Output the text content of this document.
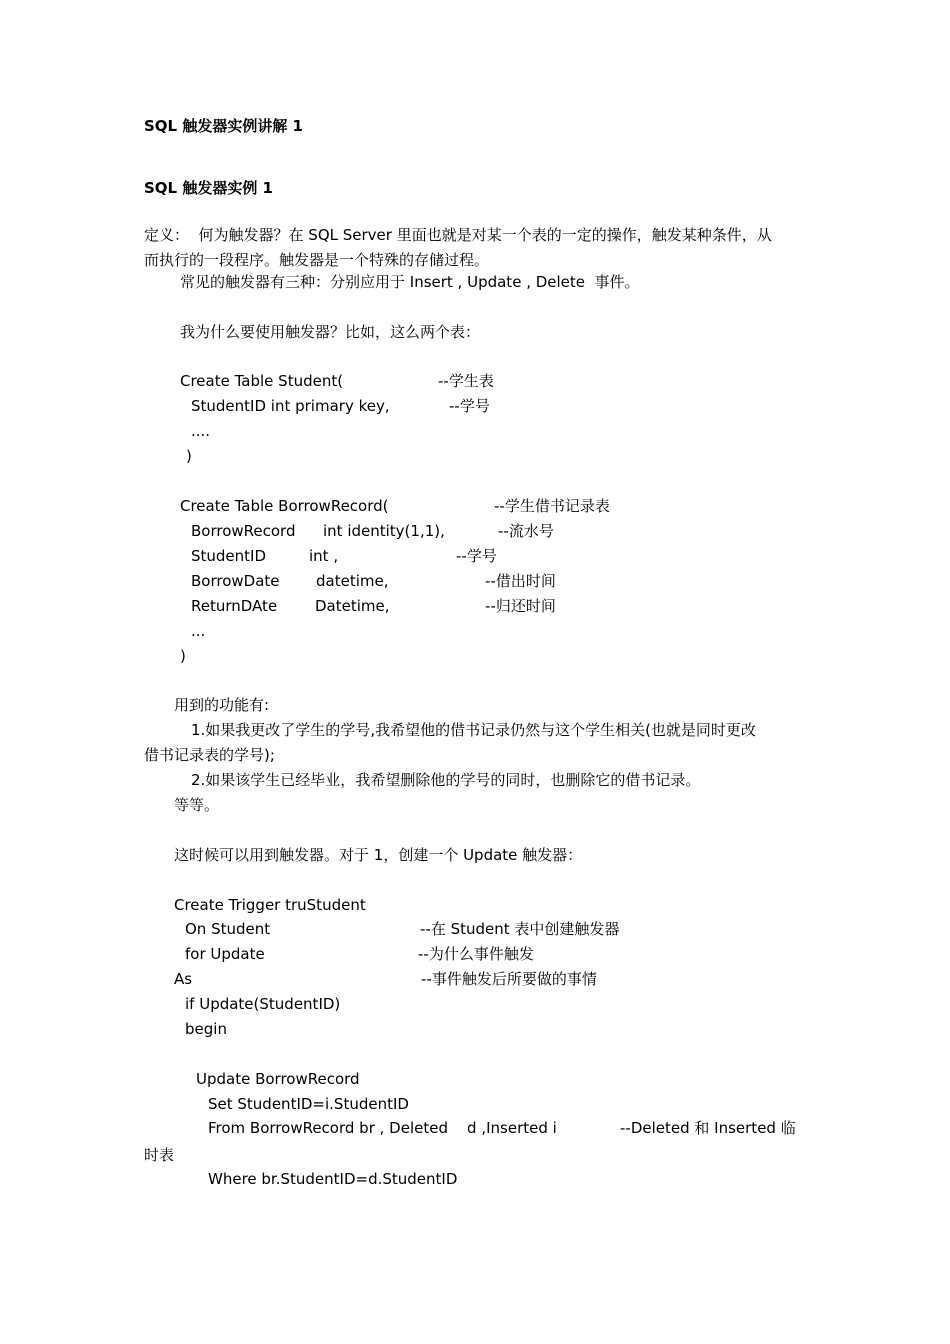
SQL 触发器实例讲解 1
SQL 触发器实例 1
定义：  何为触发器？在 SQL Server 里面也就是对某一个表的一定的操作，触发某种条件，从
而执行的一段程序。触发器是一个特殊的存储过程。
常见的触发器有三种：分别应用于 Insert , Update , Delete  事件。
我为什么要使用触发器？比如，这么两个表：
Create Table Student(	--学生表
StudentID int primary key,	--学号
....
)
Create Table BorrowRecord(	--学生借书记录表
BorrowRecord int identity(1,1),	--流水号
StudentID	int ,	--学号
BorrowDate datetime,	--借出时间
ReturnDAte	Datetime,	--归还时间
...
)
用到的功能有:
1.如果我更改了学生的学号,我希望他的借书记录仍然与这个学生相关(也就是同时更改
借书记录表的学号);
2.如果该学生已经毕业，我希望删除他的学号的同时，也删除它的借书记录。
等等。
这时候可以用到触发器。对于 1，创建一个 Update 触发器：
Create Trigger truStudent
On Student	--在 Student 表中创建触发器
for Update	--为什么事件触发
As	--事件触发后所要做的事情
if Update(StudentID)
begin
Update BorrowRecord
Set StudentID=i.StudentID
From BorrowRecord br , Deleted    d ,Inserted i	--Deleted 和 Inserted 临
时表
Where br.StudentID=d.StudentID
